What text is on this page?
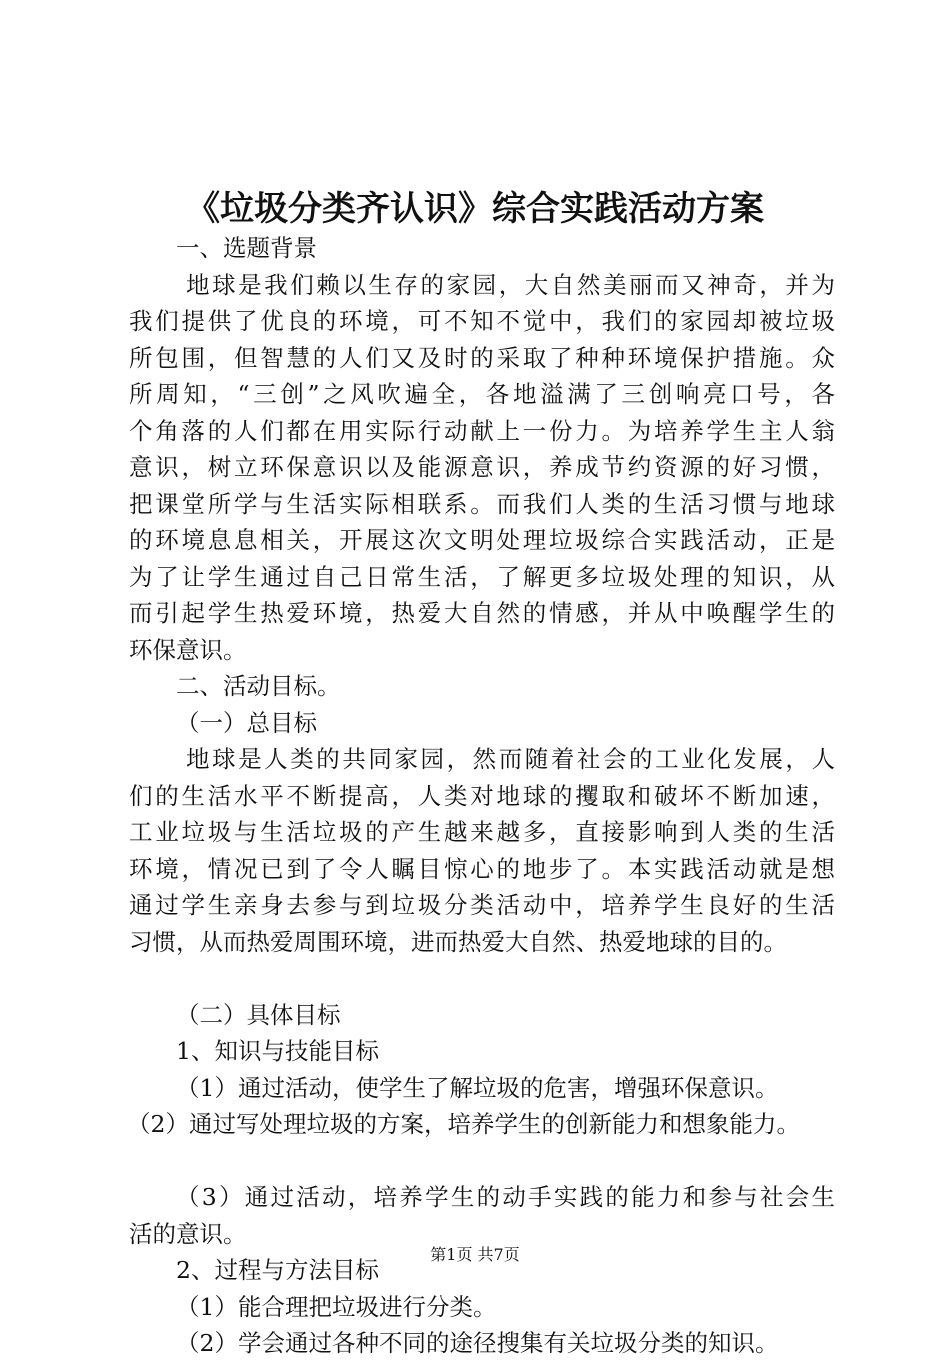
《垃圾分类齐认识》综合实践活动方案
一、选题背景
地球是我们赖以生存的家园，大自然美丽而又神奇，并为
我们提供了优良的环境，可不知不觉中，我们的家园却被垃圾
所包围，但智慧的人们又及时的采取了种种环境保护措施。众
所周知，“三创”之风吹遍全，各地溢满了三创响亮口号，各
个角落的人们都在用实际行动献上一份力。为培养学生主人翁
意识，树立环保意识以及能源意识，养成节约资源的好习惯，
把课堂所学与生活实际相联系。而我们人类的生活习惯与地球
的环境息息相关，开展这次文明处理垃圾综合实践活动，正是
为了让学生通过自己日常生活，了解更多垃圾处理的知识，从
而引起学生热爱环境，热爱大自然的情感，并从中唤醒学生的
环保意识。
二、活动目标。
（一）总目标
地球是人类的共同家园，然而随着社会的工业化发展，人
们的生活水平不断提高，人类对地球的攫取和破坏不断加速，
工业垃圾与生活垃圾的产生越来越多，直接影响到人类的生活
环境，情况已到了令人瞩目惊心的地步了。本实践活动就是想
通过学生亲身去参与到垃圾分类活动中，培养学生良好的生活
习惯，从而热爱周围环境，进而热爱大自然、热爱地球的目的。
（二）具体目标
1、知识与技能目标
（1）通过活动，使学生了解垃圾的危害，增强环保意识。
（2）通过写处理垃圾的方案，培养学生的创新能力和想象能力。
（3）通过活动，培养学生的动手实践的能力和参与社会生
活的意识。
2、过程与方法目标
（1）能合理把垃圾进行分类。
（2）学会通过各种不同的途径搜集有关垃圾分类的知识。
第1页 共7页
